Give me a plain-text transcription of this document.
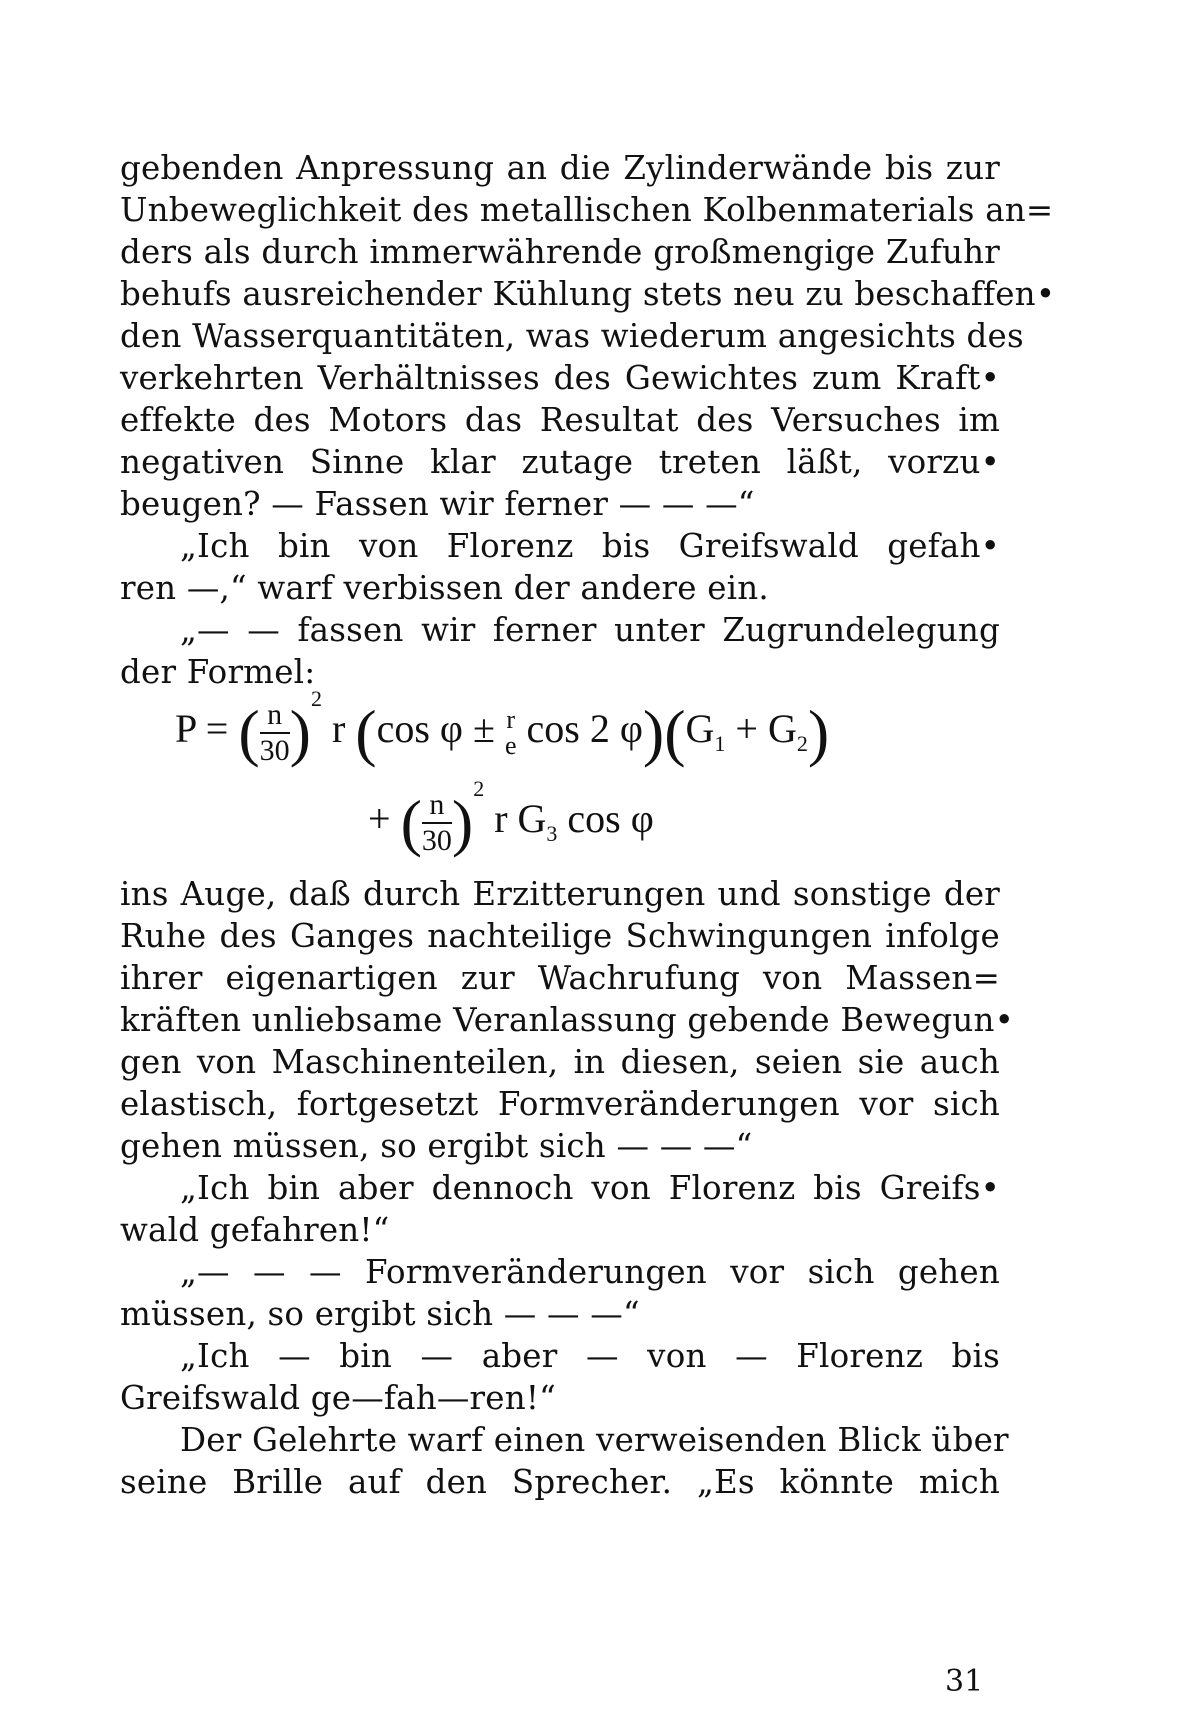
gebenden Anpressung an die Zylinderwände bis zur
Unbeweglichkeit des metallischen Kolbenmaterials an=
ders als durch immerwährende großmengige Zufuhr
behufs ausreichender Kühlung stets neu zu beschaffen•
den Wasserquantitäten, was wiederum angesichts des
verkehrten Verhältnisses des Gewichtes zum Kraft•
effekte des Motors das Resultat des Versuches im
negativen Sinne klar zutage treten läßt, vorzu•
beugen? — Fassen wir ferner — — —“
„Ich bin von Florenz bis Greifswald gefah•
ren —,“ warf verbissen der andere ein.
„— — fassen wir ferner unter Zugrundelegung
der Formel:
P = ( $\frac{n}{30} )^2$ r (cos φ ± r
e cos 2 $\varphi)(G_1 + G_2)$
+ ( $\frac{n}{30} )^2$ r $G_3$ cos φ
ins Auge, daß durch Erzitterungen und sonstige der
Ruhe des Ganges nachteilige Schwingungen infolge
ihrer eigenartigen zur Wachrufung von Massen=
kräften unliebsame Veranlassung gebende Bewegun•
gen von Maschinenteilen, in diesen, seien sie auch
elastisch, fortgesetzt Formveränderungen vor sich
gehen müssen, so ergibt sich — — —“
„Ich bin aber dennoch von Florenz bis Greifs•
wald gefahren!“
„— — — Formveränderungen vor sich gehen
müssen, so ergibt sich — — —“
„Ich — bin — aber — von — Florenz bis
Greifswald ge—fah—ren!“
Der Gelehrte warf einen verweisenden Blick über
seine Brille auf den Sprecher. „Es könnte mich
31
